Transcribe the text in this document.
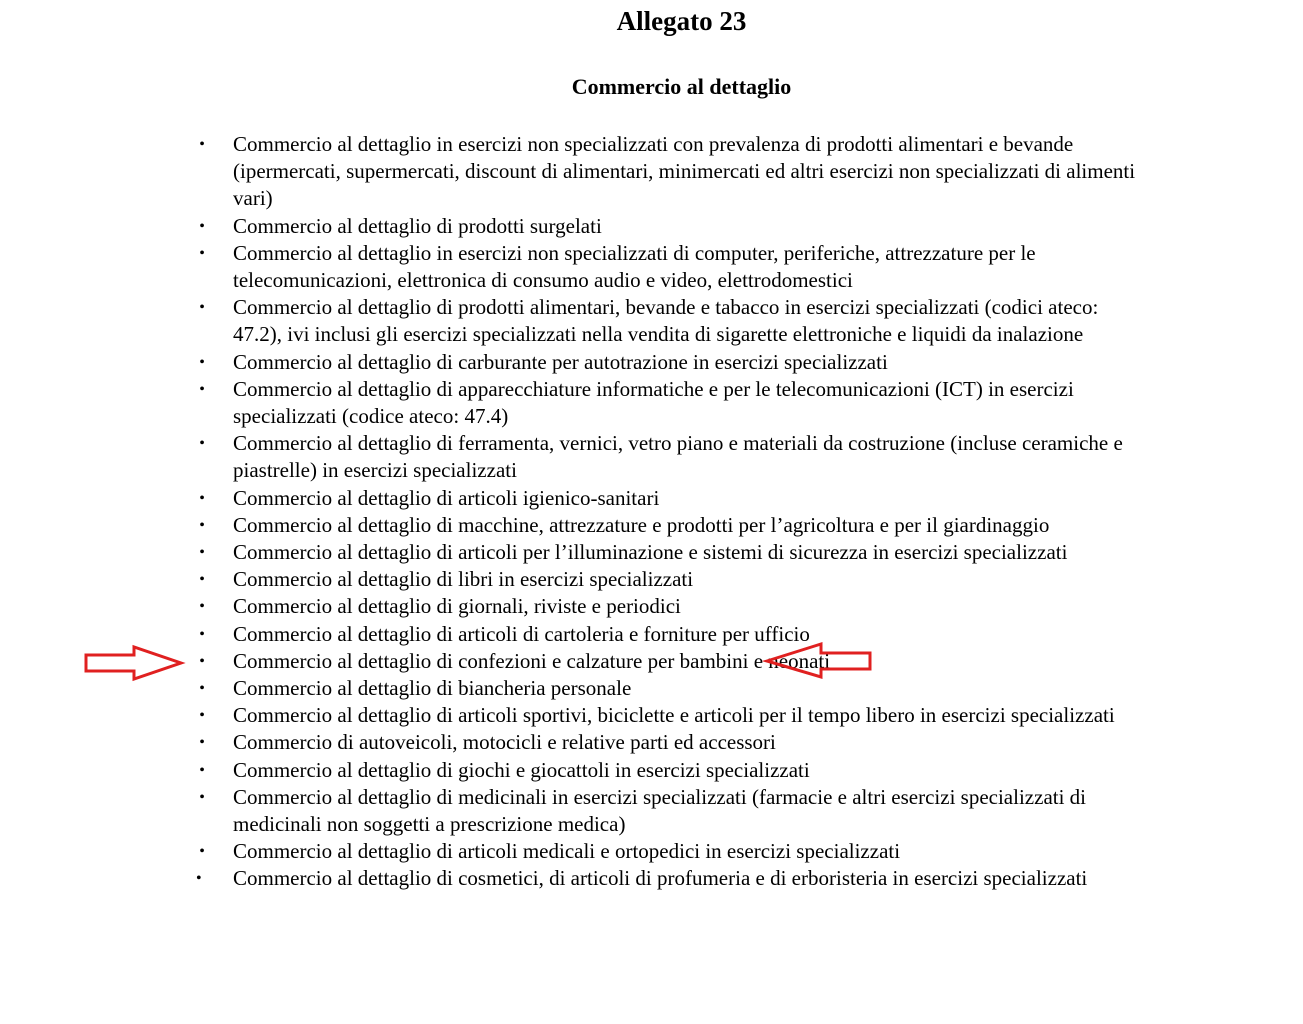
Allegato 23
Commercio al dettaglio
• Commercio al dettaglio in esercizi non specializzati con prevalenza di prodotti alimentari e bevande (ipermercati, supermercati, discount di alimentari, minimercati ed altri esercizi non specializzati di alimenti vari)
• Commercio al dettaglio di prodotti surgelati
• Commercio al dettaglio in esercizi non specializzati di computer, periferiche, attrezzature per le telecomunicazioni, elettronica di consumo audio e video, elettrodomestici
• Commercio al dettaglio di prodotti alimentari, bevande e tabacco in esercizi specializzati (codici ateco: 47.2), ivi inclusi gli esercizi specializzati nella vendita di sigarette elettroniche e liquidi da inalazione
• Commercio al dettaglio di carburante per autotrazione in esercizi specializzati
• Commercio al dettaglio di apparecchiature informatiche e per le telecomunicazioni (ICT) in esercizi specializzati (codice ateco: 47.4)
• Commercio al dettaglio di ferramenta, vernici, vetro piano e materiali da costruzione (incluse ceramiche e piastrelle) in esercizi specializzati
• Commercio al dettaglio di articoli igienico-sanitari
• Commercio al dettaglio di macchine, attrezzature e prodotti per l’agricoltura e per il giardinaggio
• Commercio al dettaglio di articoli per l’illuminazione e sistemi di sicurezza in esercizi specializzati
• Commercio al dettaglio di libri in esercizi specializzati
• Commercio al dettaglio di giornali, riviste e periodici
• Commercio al dettaglio di articoli di cartoleria e forniture per ufficio
• Commercio al dettaglio di confezioni e calzature per bambini e neonati
• Commercio al dettaglio di biancheria personale
• Commercio al dettaglio di articoli sportivi, biciclette e articoli per il tempo libero in esercizi specializzati
• Commercio di autoveicoli, motocicli e relative parti ed accessori
• Commercio al dettaglio di giochi e giocattoli in esercizi specializzati
• Commercio al dettaglio di medicinali in esercizi specializzati (farmacie e altri esercizi specializzati di medicinali non soggetti a prescrizione medica)
• Commercio al dettaglio di articoli medicali e ortopedici in esercizi specializzati
•	Commercio al dettaglio di cosmetici, di articoli di profumeria e di erboristeria in esercizi specializzati
